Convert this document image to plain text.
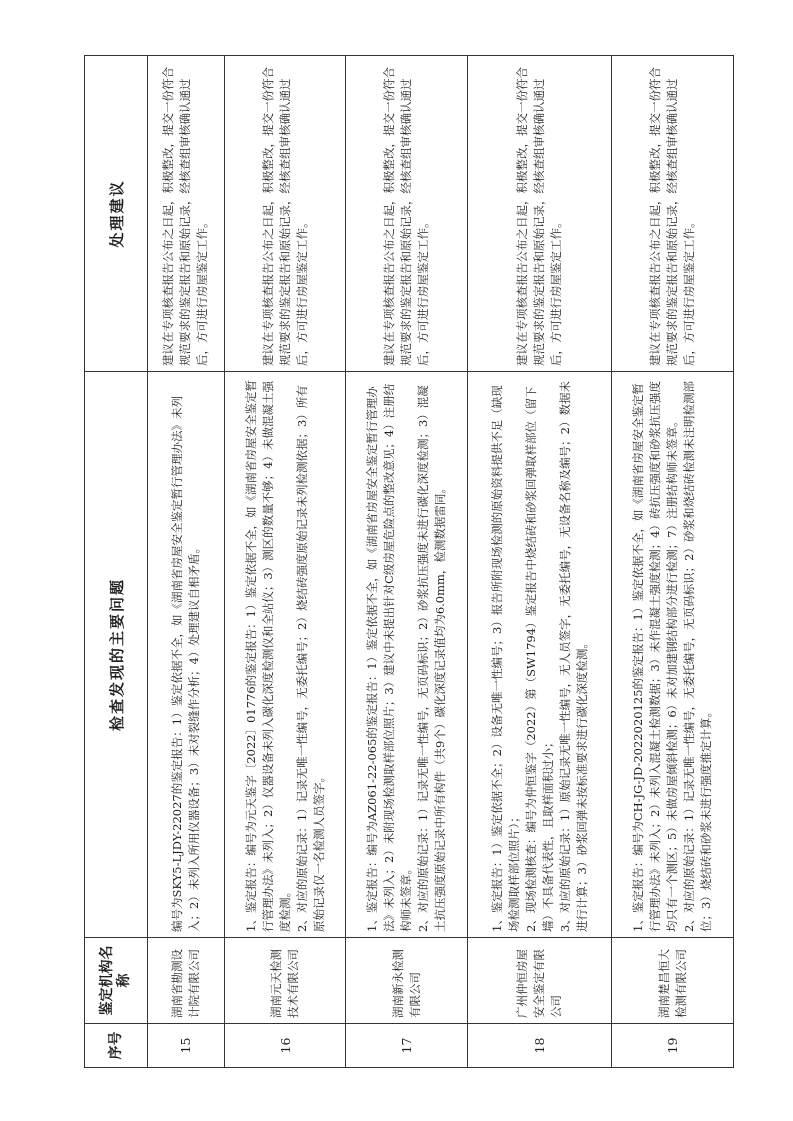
序号	鉴定机构名称	检查发现的主要问题	处理建议
15	湖南省勘测设计院有限公司	编号为SKY5-LJDY-22027的鉴定报告：1）鉴定依据不全，如《湖南省房屋安全鉴定暂行管理办法》未列入；2）未列入所用仪器设备；3）未对裂缝作分析；4）处理建议自相矛盾。	建议在专项核查报告公布之日起，积极整改，提交一份符合规范要求的鉴定报告和原始记录，经核查组审核确认通过后，方可进行房屋鉴定工作。
16	湖南元天检测技术有限公司	1、鉴定报告：编号为元天鉴字〔2022〕01776的鉴定报告：1）鉴定依据不全，如《湖南省房屋安全鉴定暂行管理办法》未列入；2）仪器设备未列入碳化深度检测仪和全站仪；3）测区的数量不够；4）未做混凝土强度检测。 2、对应的原始记录：1）记录无唯一性编号，无委托编号；2）烧结砖强度原始记录未列检测依据；3）所有原始记录仅一名检测人员签字。	建议在专项核查报告公布之日起，积极整改，提交一份符合规范要求的鉴定报告和原始记录，经核查组审核确认通过后，方可进行房屋鉴定工作。
17	湖南新永检测有限公司	1、鉴定报告：编号为AZ061-22-065的鉴定报告：1）鉴定依据不全，如《湖南省房屋安全鉴定暂行管理办法》未列入；2）未附现场检测取样部位照片；3）建议中未提出针对C级房屋危险点的整改意见；4）注册结构师未签章。 2、对应的原始记录：1）记录无唯一性编号，无页码标识；2）砂浆抗压强度未进行碳化深度检测；3）混凝土抗压强度原始记录中所有构件（共9个）碳化深度记录值均为6.0mm，检测数据雷同。	建议在专项核查报告公布之日起，积极整改，提交一份符合规范要求的鉴定报告和原始记录，经核查组审核确认通过后，方可进行房屋鉴定工作。
18	广州仲恒房屋安全鉴定有限公司	1、鉴定报告：1）鉴定依据不全；2）设备无唯一性编号；3）报告所附现场检测的原始资料提供不足（缺现场检测取样部位照片）； 2、现场检测核查：编号为仲恒鉴字（2022）第（SW1794）鉴定报告中烧结砖和砂浆回弹取样部位（留下墙）不具备代表性，且取样面积过小； 3、对应的原始记录：1）原始记录无唯一性编号，无人员签字，无委托编号，无设备名称及编号；2）数据未进行计算；3）砂浆回弹未按标准要求进行碳化深度检测。	建议在专项核查报告公布之日起，积极整改，提交一份符合规范要求的鉴定报告和原始记录，经核查组审核确认通过后，方可进行房屋鉴定工作。
19	湖南楚昌恒大检测有限公司	1、鉴定报告：编号为CH-JG-JD-2022020125的鉴定报告：1）鉴定依据不全，如《湖南省房屋安全鉴定暂行管理办法》未列入；2）未列入混凝土检测数据；3）未作混凝土强度检测；4）砖抗压强度和砂浆抗压强度均只有一个测区；5）未做房屋倾斜检测；6）未对加建钢结构部分进行检测；7）注册结构师未签章。 2、对应的原始记录：1）记录无唯一性编号，无委托编号，无页码标识；2）砂浆和烧结砖检测未注明检测部位；3）烧结砖和砂浆未进行强度推定计算。	建议在专项核查报告公布之日起，积极整改，提交一份符合规范要求的鉴定报告和原始记录，经核查组审核确认通过后，方可进行房屋鉴定工作。
